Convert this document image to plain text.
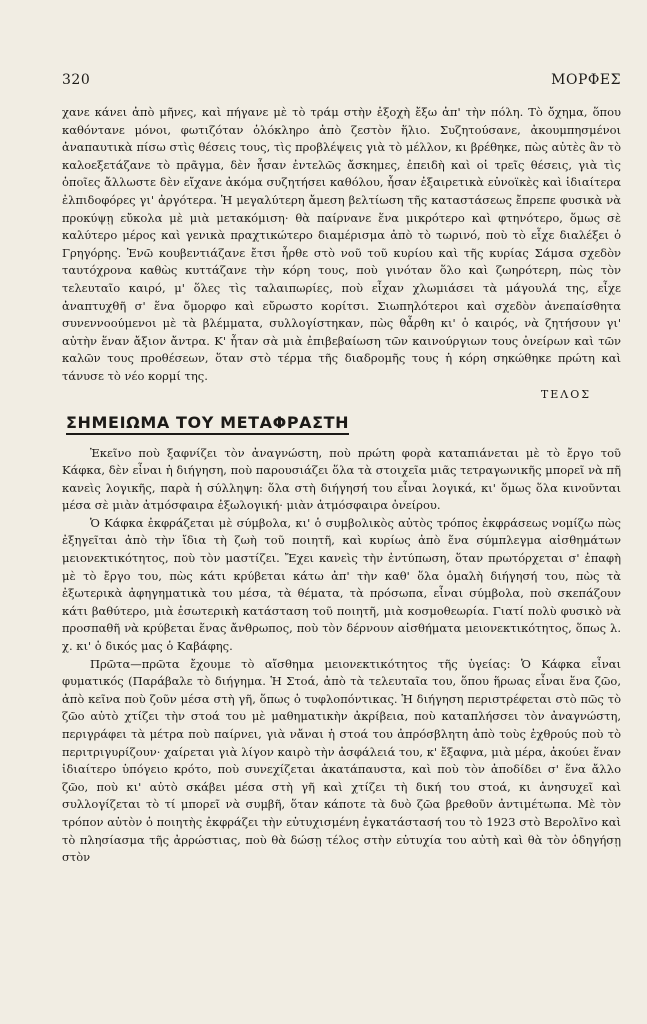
320	ΜΟΡΦΕΣ

χανε κάνει ἀπὸ μῆνες, καὶ πήγανε μὲ τὸ τράμ στὴν ἐξοχὴ ἔξω ἀπ' τὴν πόλη. Τὸ ὄχημα, ὅπου καθόντανε μόνοι, φωτιζόταν ὁλόκληρο ἀπὸ ζεστὸν ἥλιο. Συζητούσανε, ἀκουμπησμένοι ἀναπαυτικὰ πίσω στὶς θέσεις τους, τὶς προβλέψεις γιὰ τὸ μέλλον, κι βρέθηκε, πὼς αὐτὲς ἂν τὸ καλοεξετάζανε τὸ πρᾶγμα, δὲν ἦσαν ἐντελῶς ἄσκημες, ἐπειδὴ καὶ οἱ τρεῖς θέσεις, γιὰ τὶς ὁποῖες ἄλλωστε δὲν εἴχανε ἀκόμα συζητήσει καθόλου, ἦσαν ἐξαιρετικὰ εὐνοϊκὲς καὶ ἰδιαίτερα ἐλπιδοφόρες γι' ἀργότερα. Ἡ μεγαλύτερη ἄμεση βελτίωση τῆς καταστάσεως ἔπρεπε φυσικὰ νὰ προκύψῃ εὔκολα μὲ μιὰ μετακόμιση· θὰ παίρνανε ἕνα μικρότερο καὶ φτηνότερο, ὅμως σὲ καλύτερο μέρος καὶ γενικὰ πραχτικώτερο διαμέρισμα ἀπὸ τὸ τωρινό, ποὺ τὸ εἶχε διαλέξει ὁ Γρηγόρης. Ἐνῶ κουβεντιάζανε ἔτσι ἦρθε στὸ νοῦ τοῦ κυρίου καὶ τῆς κυρίας Σάμσα σχεδὸν ταυτόχρονα καθὼς κυττάζανε τὴν κόρη τους, ποὺ γινόταν ὅλο καὶ ζωηρότερη, πὼς τὸν τελευταῖο καιρό, μ' ὅλες τὶς ταλαιπωρίες, ποὺ εἶχαν χλωμιάσει τὰ μάγουλά της, εἶχε ἀναπτυχθῆ σ' ἕνα ὄμορφο καὶ εὔρωστο κορίτσι. Σιωπηλότεροι καὶ σχεδὸν ἀνεπαίσθητα συνεννοούμενοι μὲ τὰ βλέμματα, συλλογίστηκαν, πὼς θἆρθη κι' ὁ καιρός, νὰ ζητήσουν γι' αὐτὴν ἕναν ἄξιον ἄντρα. Κ' ἦταν σὰ μιὰ ἐπιβεβαίωση τῶν καινούργιων τους ὀνείρων καὶ τῶν καλῶν τους προθέσεων, ὅταν στὸ τέρμα τῆς διαδρομῆς τους ἡ κόρη σηκώθηκε πρώτη καὶ τάνυσε τὸ νέο κορμί της.

ΤΕΛΟΣ
ΣΗΜΕΙΩΜΑ ΤΟΥ ΜΕΤΑΦΡΑΣΤΗ

Ἐκεῖνο ποὺ ξαφνίζει τὸν ἀναγνώστη, ποὺ πρώτη φορὰ καταπιάνεται μὲ τὸ ἔργο τοῦ Κάφκα, δὲν εἶναι ἡ διήγηση, ποὺ παρουσιάζει ὅλα τὰ στοιχεῖα μιᾶς τετραγωνικῆς μπορεῖ νὰ πῆ κανεὶς λογικῆς, παρὰ ἡ σύλληψη: ὅλα στὴ διήγησή του εἶναι λογικά, κι' ὅμως ὅλα κινοῦνται μέσα σὲ μιὰν ἀτμόσφαιρα ἐξωλογική· μιὰν ἀτμόσφαιρα ὀνείρου.

Ὁ Κάφκα ἐκφράζεται μὲ σύμβολα, κι' ὁ συμβολικὸς αὐτὸς τρόπος ἐκφράσεως νομίζω πὼς ἐξηγεῖται ἀπὸ τὴν ἴδια τὴ ζωὴ τοῦ ποιητῆ, καὶ κυρίως ἀπὸ ἕνα σύμπλεγμα αἰσθημάτων μειονεκτικότητος, ποὺ τὸν μαστίζει. Ἔχει κανεὶς τὴν ἐντύπωση, ὅταν πρωτόρχεται σ' ἐπαφὴ μὲ τὸ ἔργο του, πὼς κάτι κρύβεται κάτω ἀπ' τὴν καθ' ὅλα ὁμαλὴ διήγησή του, πὼς τὰ ἐξωτερικὰ ἀφηγηματικὰ του μέσα, τὰ θέματα, τὰ πρόσωπα, εἶναι σύμβολα, ποὺ σκεπάζουν κάτι βαθύτερο, μιὰ ἐσωτερικὴ κατάσταση τοῦ ποιητῆ, μιὰ κοσμοθεωρία. Γιατί πολὺ φυσικὸ νὰ προσπαθῆ νὰ κρύβεται ἕνας ἄνθρωπος, ποὺ τὸν δέρνουν αἰσθήματα μειονεκτικότητος, ὅπως λ. χ. κι' ὁ δικός μας ὁ Καβάφης.

Πρῶτα—πρῶτα ἔχουμε τὸ αἴσθημα μειονεκτικότητος τῆς ὑγείας: Ὁ Κάφκα εἶναι φυματικός (Παράβαλε τὸ διήγημα. Ἡ Στοά, ἀπὸ τὰ τελευταῖα του, ὅπου ἥρωας εἶναι ἕνα ζῶο, ἀπὸ κεῖνα ποὺ ζοῦν μέσα στὴ γῆ, ὅπως ὁ τυφλοπόντικας. Ἡ διήγηση περιστρέφεται στὸ πῶς τὸ ζῶο αὐτὸ χτίζει τὴν στοά του μὲ μαθηματικὴν ἀκρίβεια, ποὺ καταπλήσσει τὸν ἀναγνώστη, περιγράφει τὰ μέτρα ποὺ παίρνει, γιὰ νἄναι ἡ στοά του ἀπρόσβλητη ἀπὸ τοὺς ἐχθρούς ποὺ τὸ περιτριγυρίζουν· χαίρεται γιὰ λίγον καιρὸ τὴν ἀσφάλειά του, κ' ἔξαφνα, μιὰ μέρα, ἀκούει ἕναν ἰδιαίτερο ὑπόγειο κρότο, ποὺ συνεχίζεται ἀκατάπαυστα, καὶ ποὺ τὸν ἀποδίδει σ' ἕνα ἄλλο ζῶο, ποὺ κι' αὐτὸ σκάβει μέσα στὴ γῆ καὶ χτίζει τὴ δική του στοά, κι ἀνησυχεῖ καὶ συλλογίζεται τὸ τί μπορεῖ νὰ συμβῆ, ὅταν κάποτε τὰ δυὸ ζῶα βρεθοῦν ἀντιμέτωπα. Μὲ τὸν τρόπον αὐτὸν ὁ ποιητὴς ἐκφράζει τὴν εὐτυχισμένη ἐγκατάστασή του τὸ 1923 στὸ Βερολῖνο καὶ τὸ πλησίασμα τῆς ἀρρώστιας, ποὺ θὰ δώσῃ τέλος στὴν εὐτυχία του αὐτὴ καὶ θὰ τὸν ὁδηγήσῃ στὸν
